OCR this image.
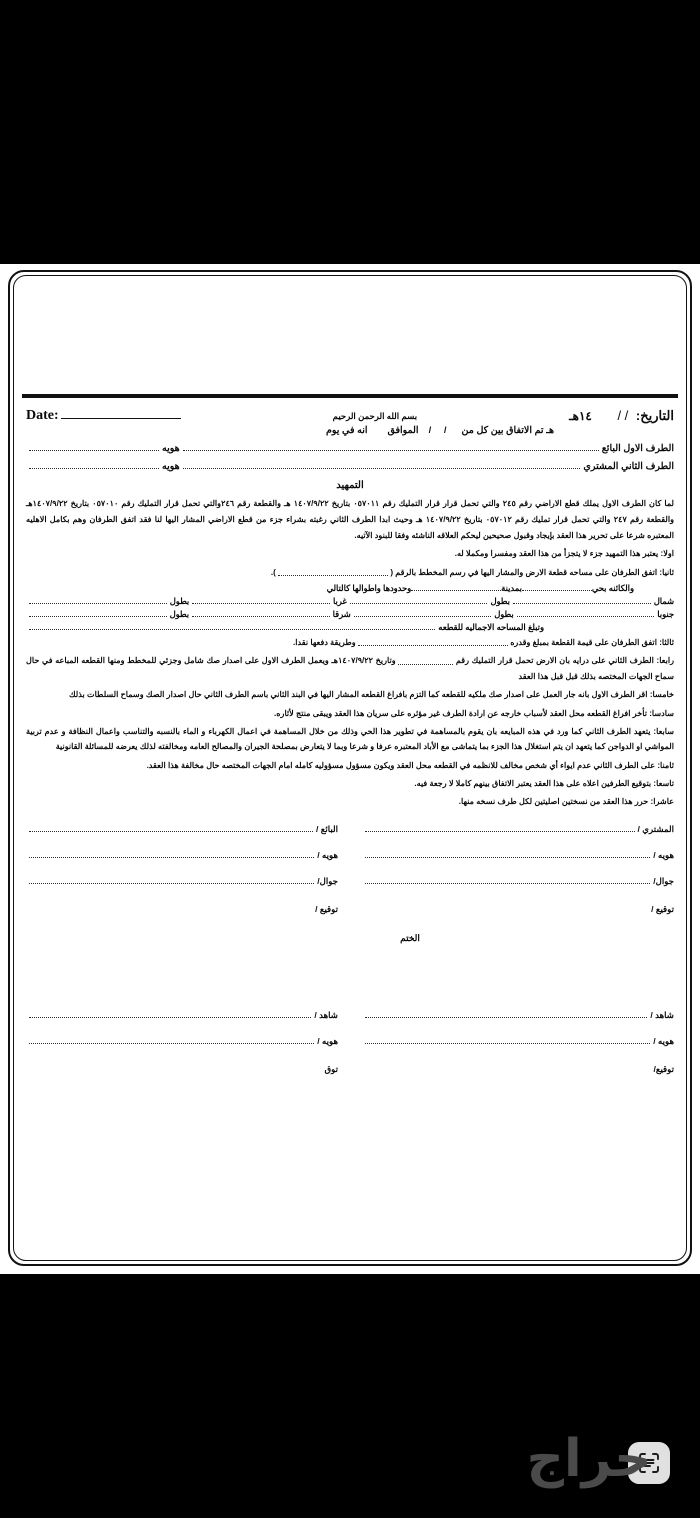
التاريخ: / / ١٤هـ
بسم الله الرحمن الرحيم
Date:
هـ تم الاتفاق بين كل من
/ /
الموافق
انه في يوم
الطرف الاول البائع
هويه
الطرف الثاني المشتري
هويه
التمهيد
لما كان الطرف الاول يملك قطع الاراضي رقم ٢٤٥ والتي تحمل قرار قرار التمليك رقم ٠٥٧٠١١ بتاريخ ١٤٠٧/٩/٢٢ هـ والقطعة رقم ٢٤٦والتي تحمل قرار التمليك رقم ٠٥٧٠١٠ بتاريخ ١٤٠٧/٩/٢٢هـ والقطعة رقم ٢٤٧ والتي تحمل قرار تمليك رقم ٠٥٧٠١٢ بتاريخ ١٤٠٧/٩/٢٢ هـ وحيث ابدا الطرف الثاني رغبته بشراء جزء من قطع الاراضي المشار اليها لنا فقد اتفق الطرفان وهم بكامل الاهليه المعتبره شرعا على تحرير هذا العقد بإيجاد وقبول صحيحين ليحكم العلاقه الناشئه وفقا للبنود الآتيه.
اولا: يعتبر هذا التمهيد جزء لا يتجزأ من هذا العقد ومفسرا ومكملا له.
ثانيا: اتفق الطرفان على مساحه قطعة الارض والمشار اليها في رسم المخطط بالرقم (  ).
والكائنه بحي
بمدينة
وحدودها واطوالها كالتالي
شمال
بطول
غربا
بطول
جنوبا
بطول
شرقا
بطول
وتبلغ المساحه الاجماليه للقطعه
ثالثا: اتفق الطرفان على قيمة القطعة بمبلغ وقدره  وطريقة دفعها نقدا.
رابعا: الطرف الثاني على درايه بان الارض تحمل قرار التمليك رقم  وتاريخ ١٤٠٧/٩/٢٢هـ ويعمل الطرف الاول على اصدار صك شامل وجزئي للمخطط ومنها القطعه المباعه في حال سماح الجهات المختصه بذلك قبل قبل هذا العقد
خامسا: اقر الطرف الاول بانه جار العمل على اصدار صك ملكيه للقطعه كما التزم بافراغ القطعه المشار اليها في البند الثاني باسم الطرف الثاني حال اصدار الصك وسماح السلطات بذلك
سادسا: تأخر افراغ القطعه محل العقد لأسباب خارجه عن ارادة الطرف غير مؤثره على سريان هذا العقد ويبقى منتج لأثاره.
سابعا: يتعهد الطرف الثاني كما ورد في هذه المبايعه بان يقوم بالمساهمة في تطوير هذا الحي وذلك من خلال المساهمة في اعمال الكهرباء و الماء بالنسبه والتناسب واعمال النظافة و عدم تربية المواشي او الدواجن كما يتعهد ان يتم استغلال هذا الجزء بما يتماشى مع الأباد المعتبره عرفا و شرعا وبما لا يتعارض بمصلحة الجيران والمصالح العامه ومخالفته لذلك يعرضه للمسائلة القانونية
ثامنا: على الطرف الثاني عدم ايواء أي شخص مخالف للانظمه في القطعه محل العقد ويكون مسؤول مسؤوليه كامله امام الجهات المختصه حال مخالفة هذا العقد.
تاسعا: بتوقيع الطرفين اعلاه على هذا العقد يعتبر الاتفاق بينهم كاملا لا رجعة فيه.
عاشرا: حرر هذا العقد من نسختين اصليتين لكل طرف نسخه منها.
المشتري /
هويه /
جوال/
البائع /
هويه /
جوال/
توقيع /
توقيع /
الختم
شاهد /
هويه /
شاهد /
هويه /
توقيع/
توق
حراج
